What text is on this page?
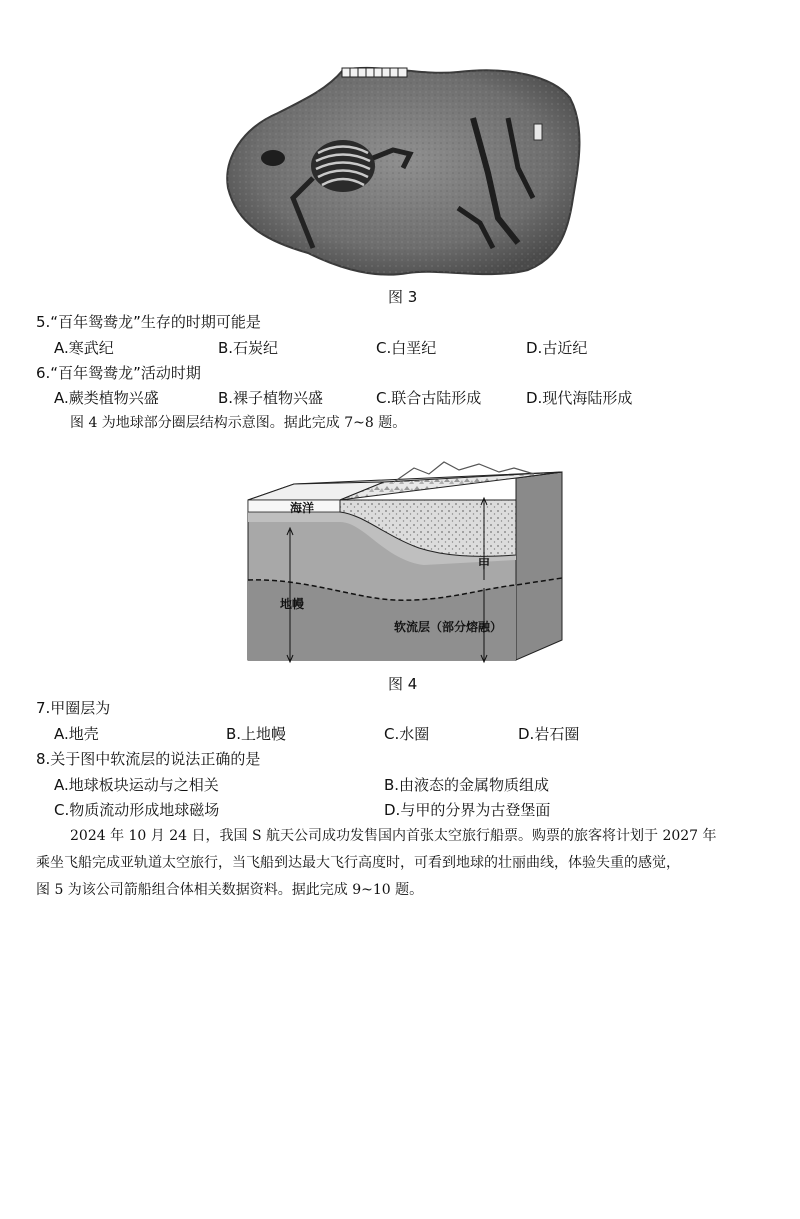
图 3
5.“百年鸳鸯龙”生存的时期可能是
A.寒武纪	B.石炭纪	C.白垩纪	D.古近纪
6.“百年鸳鸯龙”活动时期
A.蕨类植物兴盛	B.裸子植物兴盛	C.联合古陆形成	D.现代海陆形成
图 4 为地球部分圈层结构示意图。据此完成 7~8 题。
海洋
甲
地幔
软流层（部分熔融）
图 4
7.甲圈层为
A.地壳	B.上地幔	C.水圈	D.岩石圈
8.关于图中软流层的说法正确的是
A.地球板块运动与之相关	B.由液态的金属物质组成
C.物质流动形成地球磁场	D.与甲的分界为古登堡面
2024 年 10 月 24 日，我国 S 航天公司成功发售国内首张太空旅行船票。购票的旅客将计划于 2027 年
乘坐飞船完成亚轨道太空旅行，当飞船到达最大飞行高度时，可看到地球的壮丽曲线，体验失重的感觉，
图 5 为该公司箭船组合体相关数据资料。据此完成 9~10 题。
